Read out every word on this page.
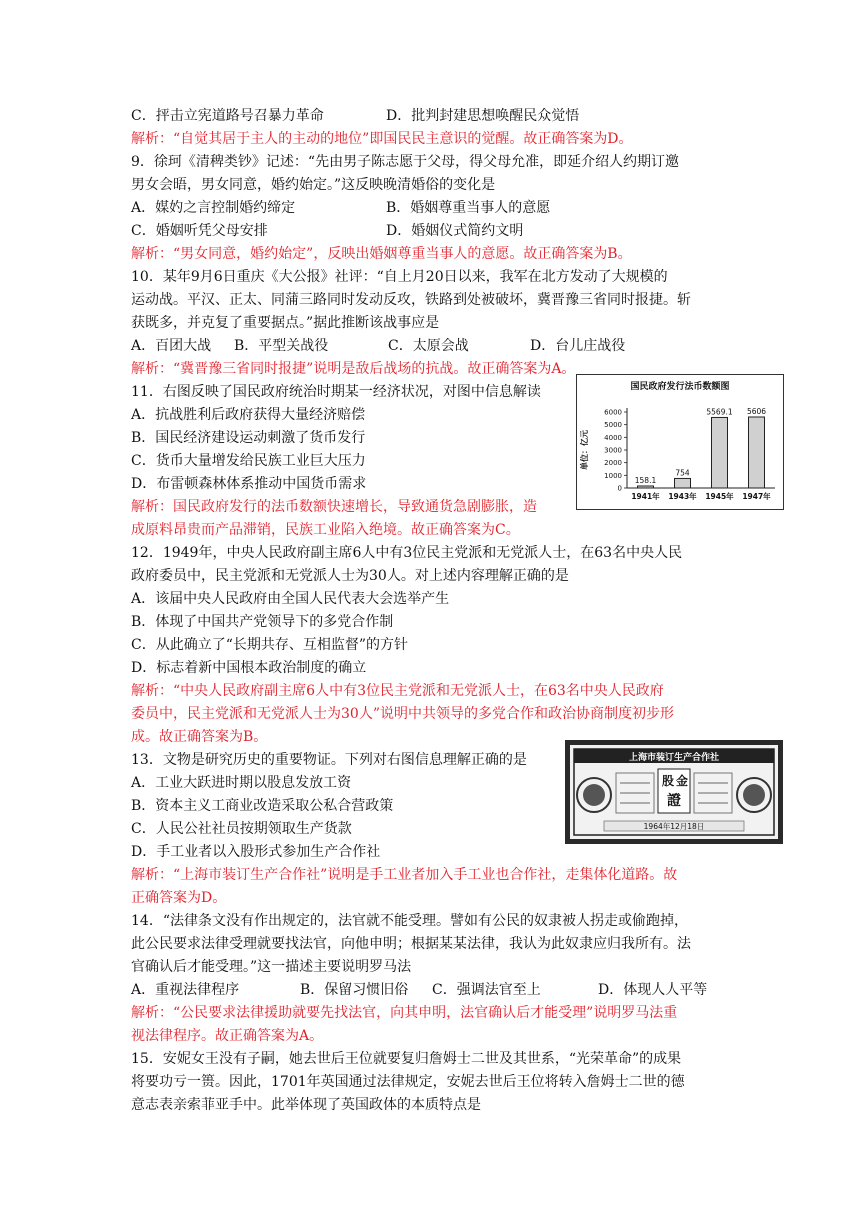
C．抨击立宪道路号召暴力革命	D．批判封建思想唤醒民众觉悟
解析：“自觉其居于主人的主动的地位”即国民民主意识的觉醒。故正确答案为D。
9．徐珂《清稗类钞》记述：“先由男子陈志愿于父母，得父母允准，即延介绍人约期订邀
男女会晤，男女同意，婚约始定。”这反映晚清婚俗的变化是
A．媒妁之言控制婚约缔定	B．婚姻尊重当事人的意愿
C．婚姻听凭父母安排	D．婚姻仪式简约文明
解析：“男女同意，婚约始定”，反映出婚姻尊重当事人的意愿。故正确答案为B。
10．某年9月6日重庆《大公报》社评：“自上月20日以来，我军在北方发动了大规模的
运动战。平汉、正太、同蒲三路同时发动反攻，铁路到处被破坏，冀晋豫三省同时报捷。斩
获既多，并克复了重要据点。”据此推断该战事应是
A．百团大战 B．平型关战役	C．太原会战	D．台儿庄战役
解析：“冀晋豫三省同时报捷”说明是敌后战场的抗战。故正确答案为A。
11．右图反映了国民政府统治时期某一经济状况，对图中信息解读
A．抗战胜利后政府获得大量经济赔偿
B．国民经济建设运动刺激了货币发行
C．货币大量增发给民族工业巨大压力
D．布雷顿森林体系推动中国货币需求
解析：国民政府发行的法币数额快速增长，导致通货急剧膨胀，造
成原料昂贵而产品滞销，民族工业陷入绝境。故正确答案为C。
国民政府发行法币数额图
单位：亿元
0
1000
2000
3000
4000
5000
6000
158.1
1941年
754
1943年
5569.1
1945年
5606
1947年
12．1949年，中央人民政府副主席6人中有3位民主党派和无党派人士，在63名中央人民
政府委员中，民主党派和无党派人士为30人。对上述内容理解正确的是
A．该届中央人民政府由全国人民代表大会选举产生
B．体现了中国共产党领导下的多党合作制
C．从此确立了“长期共存、互相监督”的方针
D．标志着新中国根本政治制度的确立
解析：“中央人民政府副主席6人中有3位民主党派和无党派人士，在63名中央人民政府
委员中，民主党派和无党派人士为30人”说明中共领导的多党合作和政治协商制度初步形
成。故正确答案为B。
13．文物是研究历史的重要物证。下列对右图信息理解正确的是
A．工业大跃进时期以股息发放工资
B．资本主义工商业改造采取公私合营政策
C．人民公社社员按期领取生产货款
D．手工业者以入股形式参加生产合作社
解析：“上海市装订生产合作社”说明是手工业者加入手工业也合作社，走集体化道路。故
正确答案为D。
上海市装订生产合作社
股 金
證
1964年12月18日
14．“法律条文没有作出规定的，法官就不能受理。譬如有公民的奴隶被人拐走或偷跑掉，
此公民要求法律受理就要找法官，向他申明；根据某某法律，我认为此奴隶应归我所有。法
官确认后才能受理。”这一描述主要说明罗马法
A．重视法律程序	B．保留习惯旧俗 C．强调法官至上	D．体现人人平等
解析：“公民要求法律援助就要先找法官，向其申明，法官确认后才能受理”说明罗马法重
视法律程序。故正确答案为A。
15．安妮女王没有子嗣，她去世后王位就要复归詹姆士二世及其世系，“光荣革命”的成果
将要功亏一篑。因此，1701年英国通过法律规定，安妮去世后王位将转入詹姆士二世的德
意志表亲索菲亚手中。此举体现了英国政体的本质特点是
